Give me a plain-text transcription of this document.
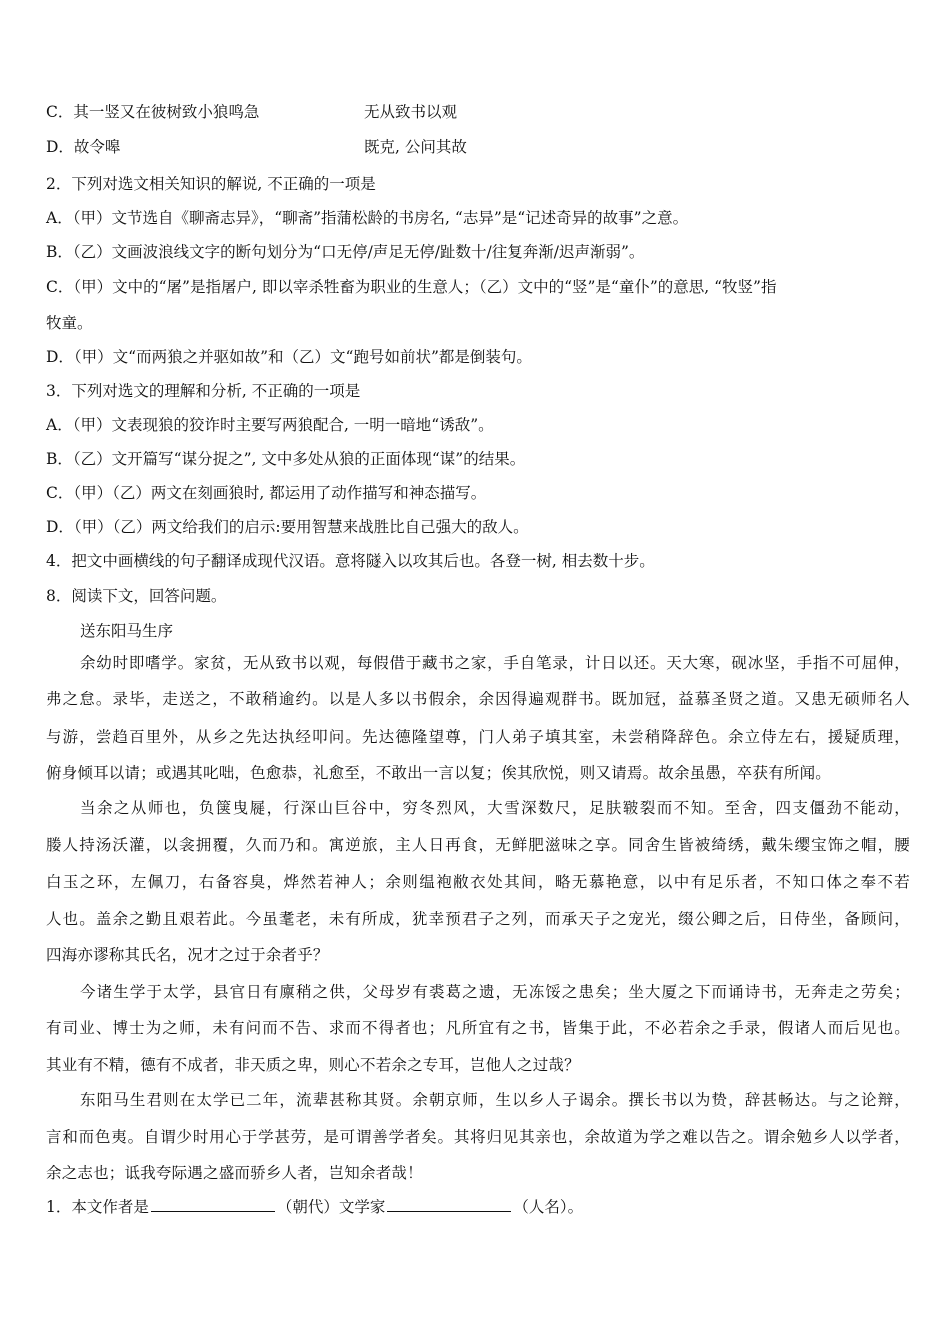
C．其一竖又在彼树致小狼鸣急	无从致书以观
D．故令嗥	既克, 公问其故
2．下列对选文相关知识的解说, 不正确的一项是
A．（甲）文节选自《聊斋志异》，“聊斋”指蒲松龄的书房名, “志异”是“记述奇异的故事”之意。
B．（乙）文画波浪线文字的断句划分为“口无停/声足无停/趾数十/往复奔渐/迟声渐弱”。
C．（甲）文中的“屠”是指屠户, 即以宰杀牲畜为职业的生意人；（乙）文中的“竖”是“童仆”的意思, “牧竖”指
牧童。
D．（甲）文“而两狼之并驱如故”和（乙）文“跑号如前状”都是倒装句。
3．下列对选文的理解和分析, 不正确的一项是
A．（甲）文表现狼的狡诈时主要写两狼配合, 一明一暗地“诱敌”。
B．（乙）文开篇写“谋分捉之”, 文中多处从狼的正面体现“谋”的结果。
C．（甲）（乙）两文在刻画狼时, 都运用了动作描写和神态描写。
D．（甲）（乙）两文给我们的启示:要用智慧来战胜比自己强大的敌人。
4．把文中画横线的句子翻译成现代汉语。意将隧入以攻其后也。各登一树, 相去数十步。
8．阅读下文，回答问题。
送东阳马生序
余幼时即嗜学。家贫，无从致书以观，每假借于藏书之家，手自笔录，计日以还。天大寒，砚冰坚，手指不可屈伸，
弗之怠。录毕，走送之，不敢稍逾约。以是人多以书假余，余因得遍观群书。既加冠，益慕圣贤之道。又患无硕师名人
与游，尝趋百里外，从乡之先达执经叩问。先达德隆望尊，门人弟子填其室，未尝稍降辞色。余立侍左右，援疑质理，
俯身倾耳以请；或遇其叱咄，色愈恭，礼愈至，不敢出一言以复；俟其欣悦，则又请焉。故余虽愚，卒获有所闻。
当余之从师也，负箧曳屣，行深山巨谷中，穷冬烈风，大雪深数尺，足肤皲裂而不知。至舍，四支僵劲不能动，
媵人持汤沃灌，以衾拥覆，久而乃和。寓逆旅，主人日再食，无鲜肥滋味之享。同舍生皆被绮绣，戴朱缨宝饰之帽，腰
白玉之环，左佩刀，右备容臭，烨然若神人；余则缊袍敝衣处其间，略无慕艳意，以中有足乐者，不知口体之奉不若
人也。盖余之勤且艰若此。今虽耄老，未有所成，犹幸预君子之列，而承天子之宠光，缀公卿之后，日侍坐，备顾问，
四海亦谬称其氏名，况才之过于余者乎？
今诸生学于太学，县官日有廪稍之供，父母岁有裘葛之遗，无冻馁之患矣；坐大厦之下而诵诗书，无奔走之劳矣；
有司业、博士为之师，未有问而不告、求而不得者也；凡所宜有之书，皆集于此，不必若余之手录，假诸人而后见也。
其业有不精，德有不成者，非天质之卑，则心不若余之专耳，岂他人之过哉？
东阳马生君则在太学已二年，流辈甚称其贤。余朝京师，生以乡人子谒余。撰长书以为贽，辞甚畅达。与之论辩，
言和而色夷。自谓少时用心于学甚劳，是可谓善学者矣。其将归见其亲也，余故道为学之难以告之。谓余勉乡人以学者，
余之志也；诋我夸际遇之盛而骄乡人者，岂知余者哉！
1．本文作者是	（朝代）文学家	（人名）。
